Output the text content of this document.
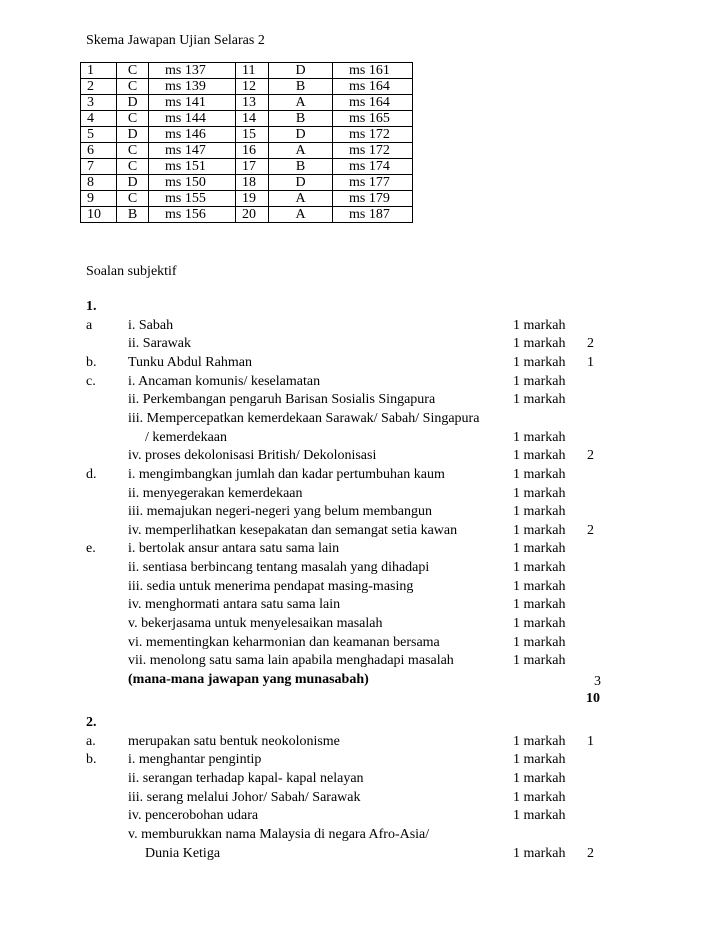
Skema Jawapan Ujian Selaras 2
1	C	ms 137	11	D	ms 161
2	C	ms 139	12	B	ms 164
3	D	ms 141	13	A	ms 164
4	C	ms 144	14	B	ms 165
5	D	ms 146	15	D	ms 172
6	C	ms 147	16	A	ms 172
7	C	ms 151	17	B	ms 174
8	D	ms 150	18	D	ms 177
9	C	ms 155	19	A	ms 179
10	B	ms 156	20	A	ms 187
Soalan subjektif
1.
a	i. Sabah	1 markah
ii. Sarawak	1 markah 2
b. Tunku Abdul Rahman	1 markah 1
c. i. Ancaman komunis/ keselamatan	1 markah
ii. Perkembangan pengaruh Barisan Sosialis Singapura	1 markah
iii. Mempercepatkan kemerdekaan Sarawak/ Sabah/ Singapura
/ kemerdekaan	1 markah
iv. proses dekolonisasi British/ Dekolonisasi	1 markah 2
d. i. mengimbangkan jumlah dan kadar pertumbuhan kaum	1 markah
ii. menyegerakan kemerdekaan	1 markah
iii. memajukan negeri-negeri yang belum membangun	1 markah
iv. memperlihatkan kesepakatan dan semangat setia kawan	1 markah 2
e. i. bertolak ansur antara satu sama lain	1 markah
ii. sentiasa berbincang tentang masalah yang dihadapi	1 markah
iii. sedia untuk menerima pendapat masing-masing	1 markah
iv. menghormati antara satu sama lain	1 markah
v. bekerjasama untuk menyelesaikan masalah	1 markah
vi. mementingkan keharmonian dan keamanan bersama	1 markah
vii. menolong satu sama lain apabila menghadapi masalah	1 markah
(mana-mana jawapan yang munasabah)	3
10
2.
a. merupakan satu bentuk neokolonisme	1 markah 1
b. i. menghantar pengintip	1 markah
ii. serangan terhadap kapal- kapal nelayan	1 markah
iii. serang melalui Johor/ Sabah/ Sarawak	1 markah
iv. pencerobohan udara	1 markah
v. memburukkan nama Malaysia di negara Afro-Asia/
Dunia Ketiga	1 markah 2
